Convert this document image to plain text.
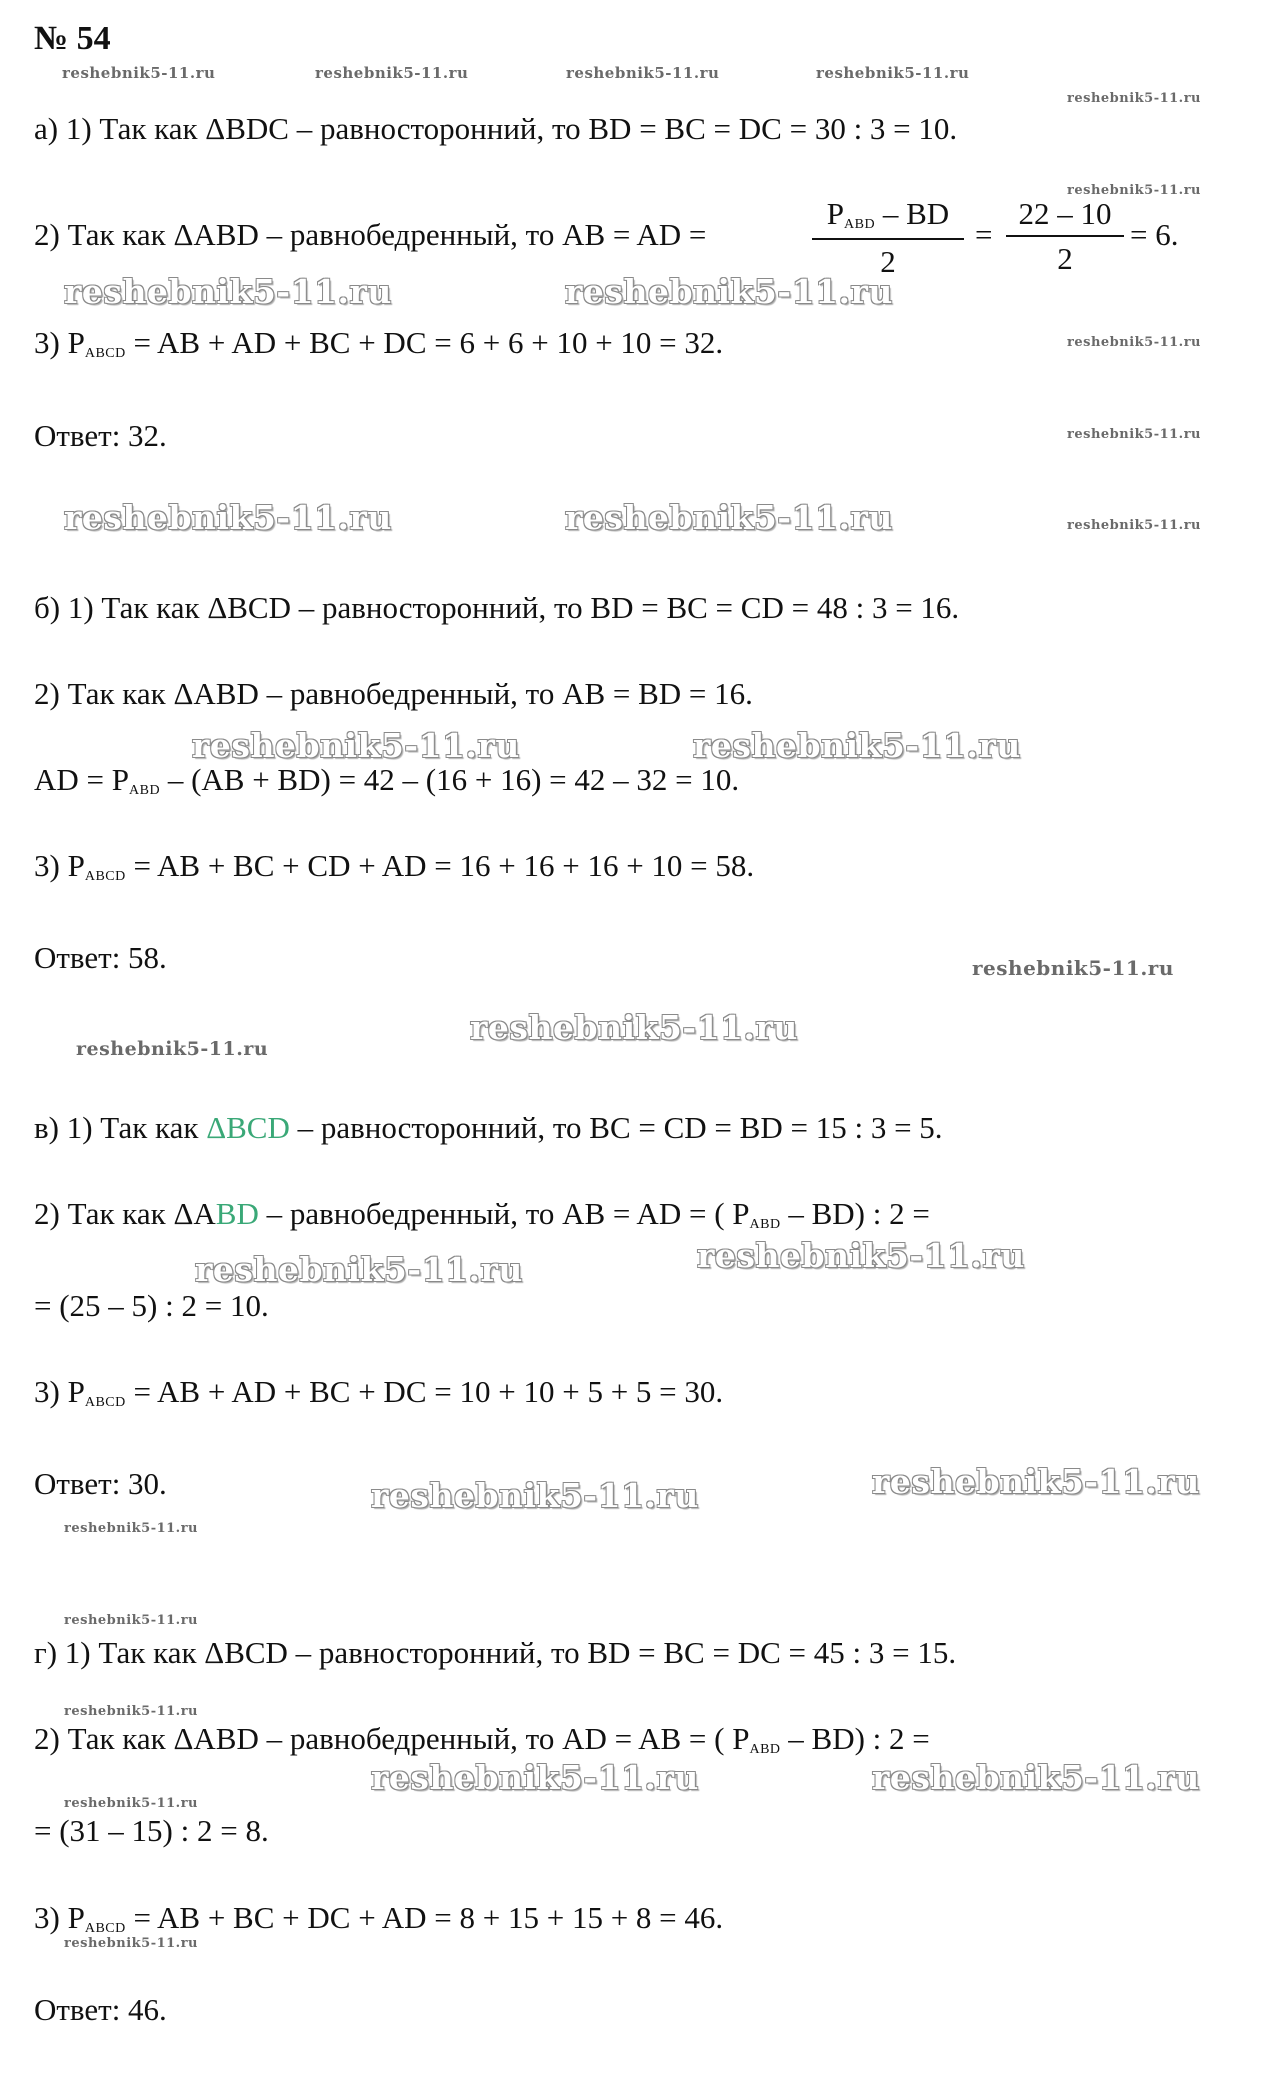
№ 54
reshebnik5-11.ru	reshebnik5-11.ru	reshebnik5-11.ru	reshebnik5-11.ru
reshebnik5-11.ru
а) 1) Так как ΔBDC – равносторонний, то BD = BC = DC = 30 : 3 = 10.
reshebnik5-11.ru
2) Так как ΔABD – равнобедренный, то AB = AD =
$P_{ABD}$ – BD
2
= $\frac{22 - 10}{2} = 6$.
reshebnik5-11.ru	reshebnik5-11.ru
3) $P_{ABCD}$ = AB + AD + BC + DC = 6 + 6 + 10 + 10 = 32.	reshebnik5-11.ru
Ответ: 32.	reshebnik5-11.ru
reshebnik5-11.ru	reshebnik5-11.ru	reshebnik5-11.ru
б) 1) Так как ΔBCD – равносторонний, то BD = BC = CD = 48 : 3 = 16.
2) Так как ΔABD – равнобедренный, то AB = BD = 16.
reshebnik5-11.ru	reshebnik5-11.ru
AD = $P_{ABD} - (AB + BD) = 42 - (16 + 16) = 42 - 32 = 10$.
3) $P_{ABCD}$ = AB + BC + CD + AD = 16 + 16 + 16 + 10 = 58.
Ответ: 58.	reshebnik5-11.ru
reshebnik5-11.ru
reshebnik5-11.ru
в) 1) Так как ΔBCD – равносторонний, то BC = CD = BD = 15 : 3 = 5.
2) Так как ΔABD – равнобедренный, то AB = AD = ( $P_{ABD} - BD$) : 2 =
reshebnik5-11.ru
reshebnik5-11.ru
= (25 – 5) : 2 = 10.
3) $P_{ABCD}$ = AB + AD + BC + DC = 10 + 10 + 5 + 5 = 30.
Ответ: 30.	reshebnik5-11.ru
reshebnik5-11.ru
reshebnik5-11.ru
reshebnik5-11.ru
г) 1) Так как ΔBCD – равносторонний, то BD = BC = DC = 45 : 3 = 15.
reshebnik5-11.ru
2) Так как ΔABD – равнобедренный, то AD = AB = ( $P_{ABD} - BD$) : 2 =
reshebnik5-11.ru	reshebnik5-11.ru
reshebnik5-11.ru
= (31 – 15) : 2 = 8.
3) $P_{ABCD}$ = AB + BC + DC + AD = 8 + 15 + 15 + 8 = 46.
reshebnik5-11.ru
Ответ: 46.
